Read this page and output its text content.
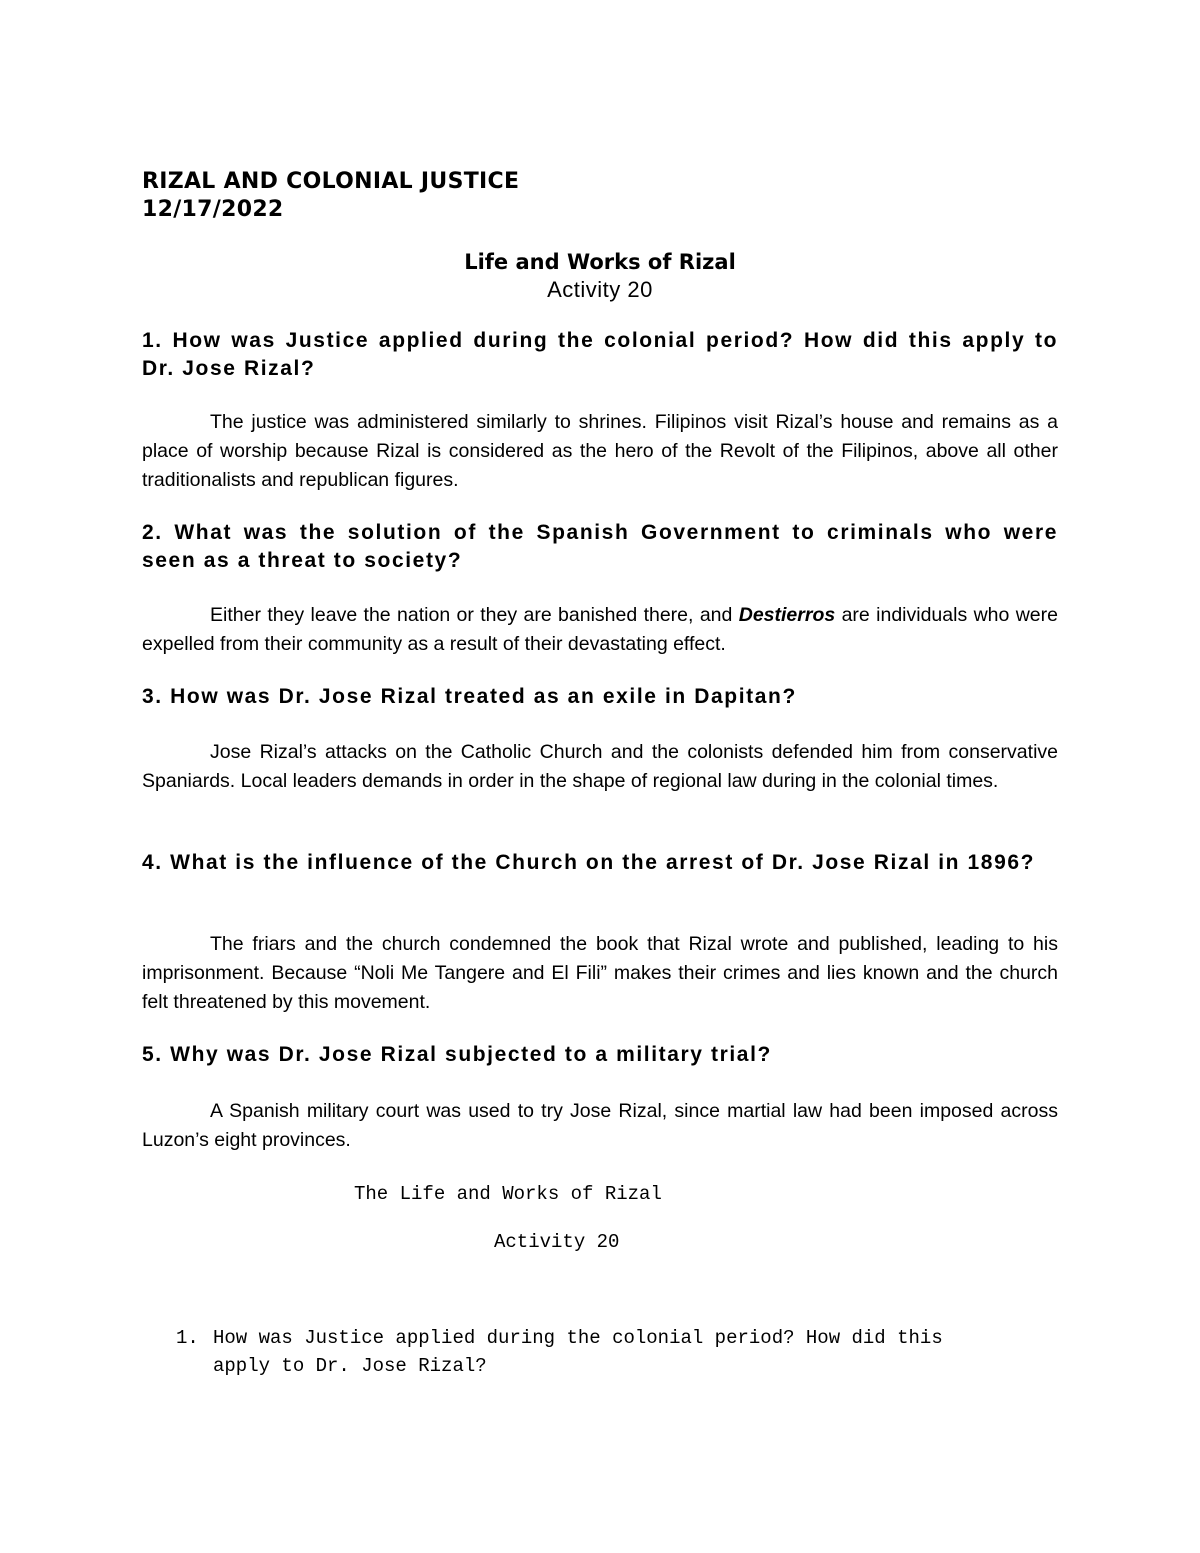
RIZAL AND COLONIAL JUSTICE
12/17/2022
Life and Works of Rizal
Activity 20
1. How was Justice applied during the colonial period? How did this apply to Dr. Jose Rizal?
The justice was administered similarly to shrines. Filipinos visit Rizal’s house and remains as a place of worship because Rizal is considered as the hero of the Revolt of the Filipinos, above all other traditionalists and republican figures.
2. What was the solution of the Spanish Government to criminals who were seen as a threat to society?
Either they leave the nation or they are banished there, and Destierros are individuals who were expelled from their community as a result of their devastating effect.
3. How was Dr. Jose Rizal treated as an exile in Dapitan?
Jose Rizal’s attacks on the Catholic Church and the colonists defended him from conservative Spaniards. Local leaders demands in order in the shape of regional law during in the colonial times.
4. What is the influence of the Church on the arrest of Dr. Jose Rizal in 1896?
The friars and the church condemned the book that Rizal wrote and published, leading to his imprisonment. Because “Noli Me Tangere and El Fili” makes their crimes and lies known and the church felt threatened by this movement.
5. Why was Dr. Jose Rizal subjected to a military trial?
A Spanish military court was used to try Jose Rizal, since martial law had been imposed across Luzon’s eight provinces.
The Life and Works of Rizal
Activity 20
1. How was Justice applied during the colonial period? How did this
apply to Dr. Jose Rizal?
